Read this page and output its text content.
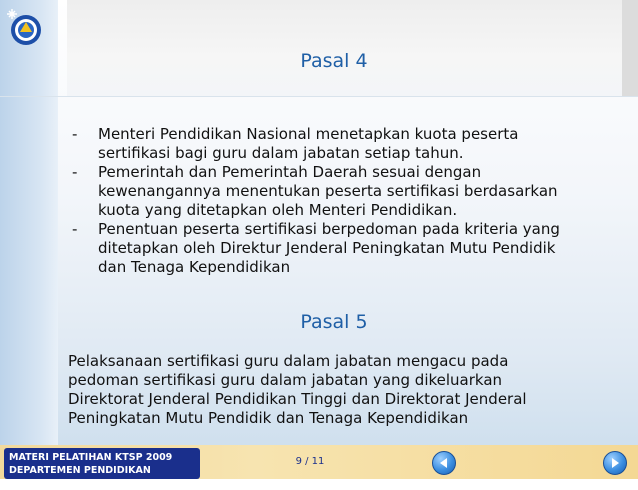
Pasal 4
- Menteri Pendidikan Nasional menetapkan kuota peserta
sertifikasi bagi guru dalam jabatan setiap tahun.
- Pemerintah dan Pemerintah Daerah sesuai dengan
kewenangannya menentukan peserta sertifikasi berdasarkan
kuota yang ditetapkan oleh Menteri Pendidikan.
- Penentuan peserta sertifikasi berpedoman pada kriteria yang
ditetapkan oleh Direktur Jenderal Peningkatan Mutu Pendidik
dan Tenaga Kependidikan
Pasal 5
Pelaksanaan sertifikasi guru dalam jabatan mengacu pada
pedoman sertifikasi guru dalam jabatan yang dikeluarkan
Direktorat Jenderal Pendidikan Tinggi dan Direktorat Jenderal
Peningkatan Mutu Pendidik dan Tenaga Kependidikan
MATERI PELATIHAN KTSP 2009
DEPARTEMEN PENDIDIKAN NASIONAL
9 / 11
